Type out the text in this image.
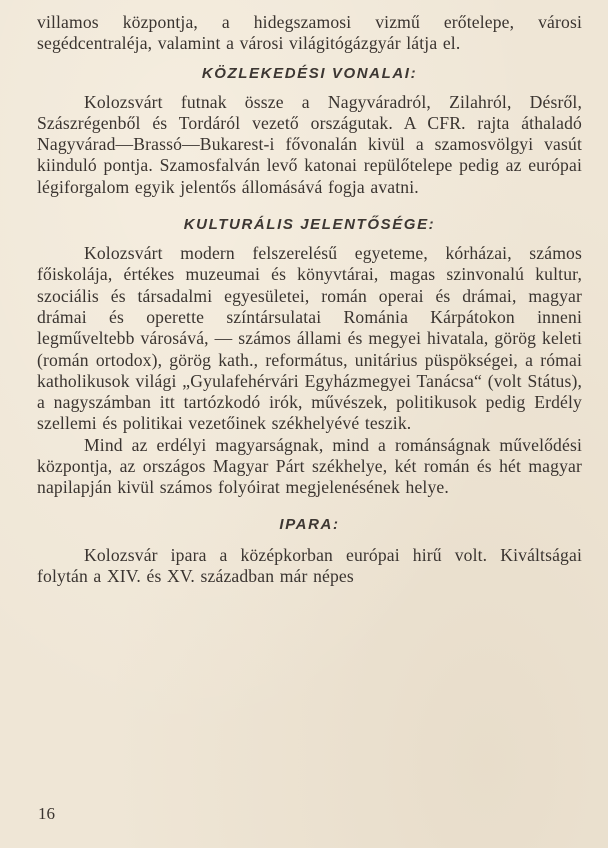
villamos központja, a hidegszamosi vizmű erőtelepe, városi segédcentraléja, valamint a városi világitógázgyár látja el.

KÖZLEKEDÉSI VONALAI:

Kolozsvárt futnak össze a Nagyváradról, Zilahról, Désről, Szászrégenből és Tordáról vezető országutak. A CFR. rajta áthaladó Nagyvárad—Brassó—Bukarest-i fővonalán kivül a szamosvölgyi vasút kiinduló pontja. Szamosfalván levő katonai repülőtelepe pedig az európai légiforgalom egyik jelentős állomásává fogja avatni.

KULTURÁLIS JELENTŐSÉGE:

Kolozsvárt modern felszerelésű egyeteme, kórházai, számos főiskolája, értékes muzeumai és könyvtárai, magas szinvonalú kultur, szociális és társadalmi egyesületei, román operai és drámai, magyar drámai és operette színtársulatai Románia Kárpátokon inneni legműveltebb városává, — számos állami és megyei hivatala, görög keleti (román ortodox), görög kath., református, unitárius püspökségei, a római katholikusok világi „Gyulafehérvári Egyházmegyei Tanácsa“ (volt Státus), a nagyszámban itt tartózkodó irók, művészek, politikusok pedig Erdély szellemi és politikai vezetőinek székhelyévé teszik.

Mind az erdélyi magyarságnak, mind a románságnak művelődési központja, az országos Magyar Párt székhelye, két román és hét magyar napilapján kivül számos folyóirat megjelenésének helye.

IPARA:

Kolozsvár ipara a középkorban európai hirű volt. Kiváltságai folytán a XIV. és XV. században már népes

16
